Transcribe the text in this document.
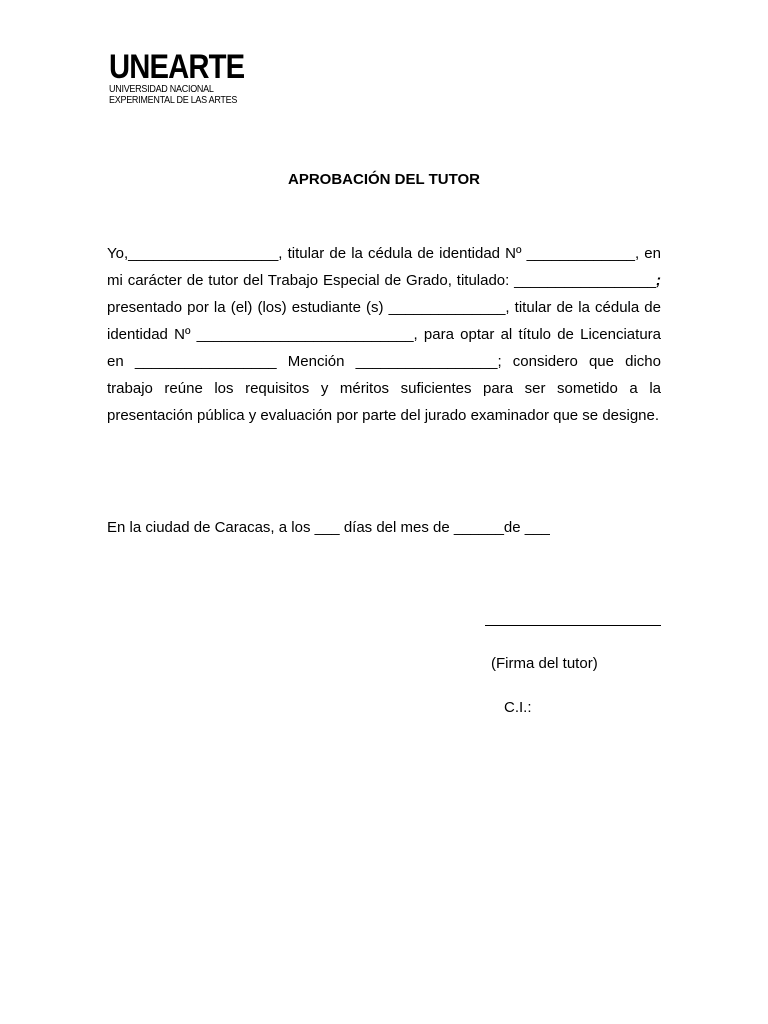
UNEARTE
UNIVERSIDAD NACIONAL
EXPERIMENTAL DE LAS ARTES
APROBACIÓN DEL TUTOR
Yo,__________________, titular de la cédula de identidad Nº _____________, en mi carácter de tutor del Trabajo Especial de Grado, titulado: _________________; presentado por la (el) (los) estudiante (s) ______________, titular de la cédula de identidad Nº __________________________, para optar al título de Licenciatura en _________________ Mención _________________; considero que dicho trabajo reúne los requisitos y méritos suficientes para ser sometido a la presentación pública y evaluación por parte del jurado examinador que se designe.
En la ciudad de Caracas, a los ___ días del mes de ______de ___
(Firma del tutor)
C.I.:
